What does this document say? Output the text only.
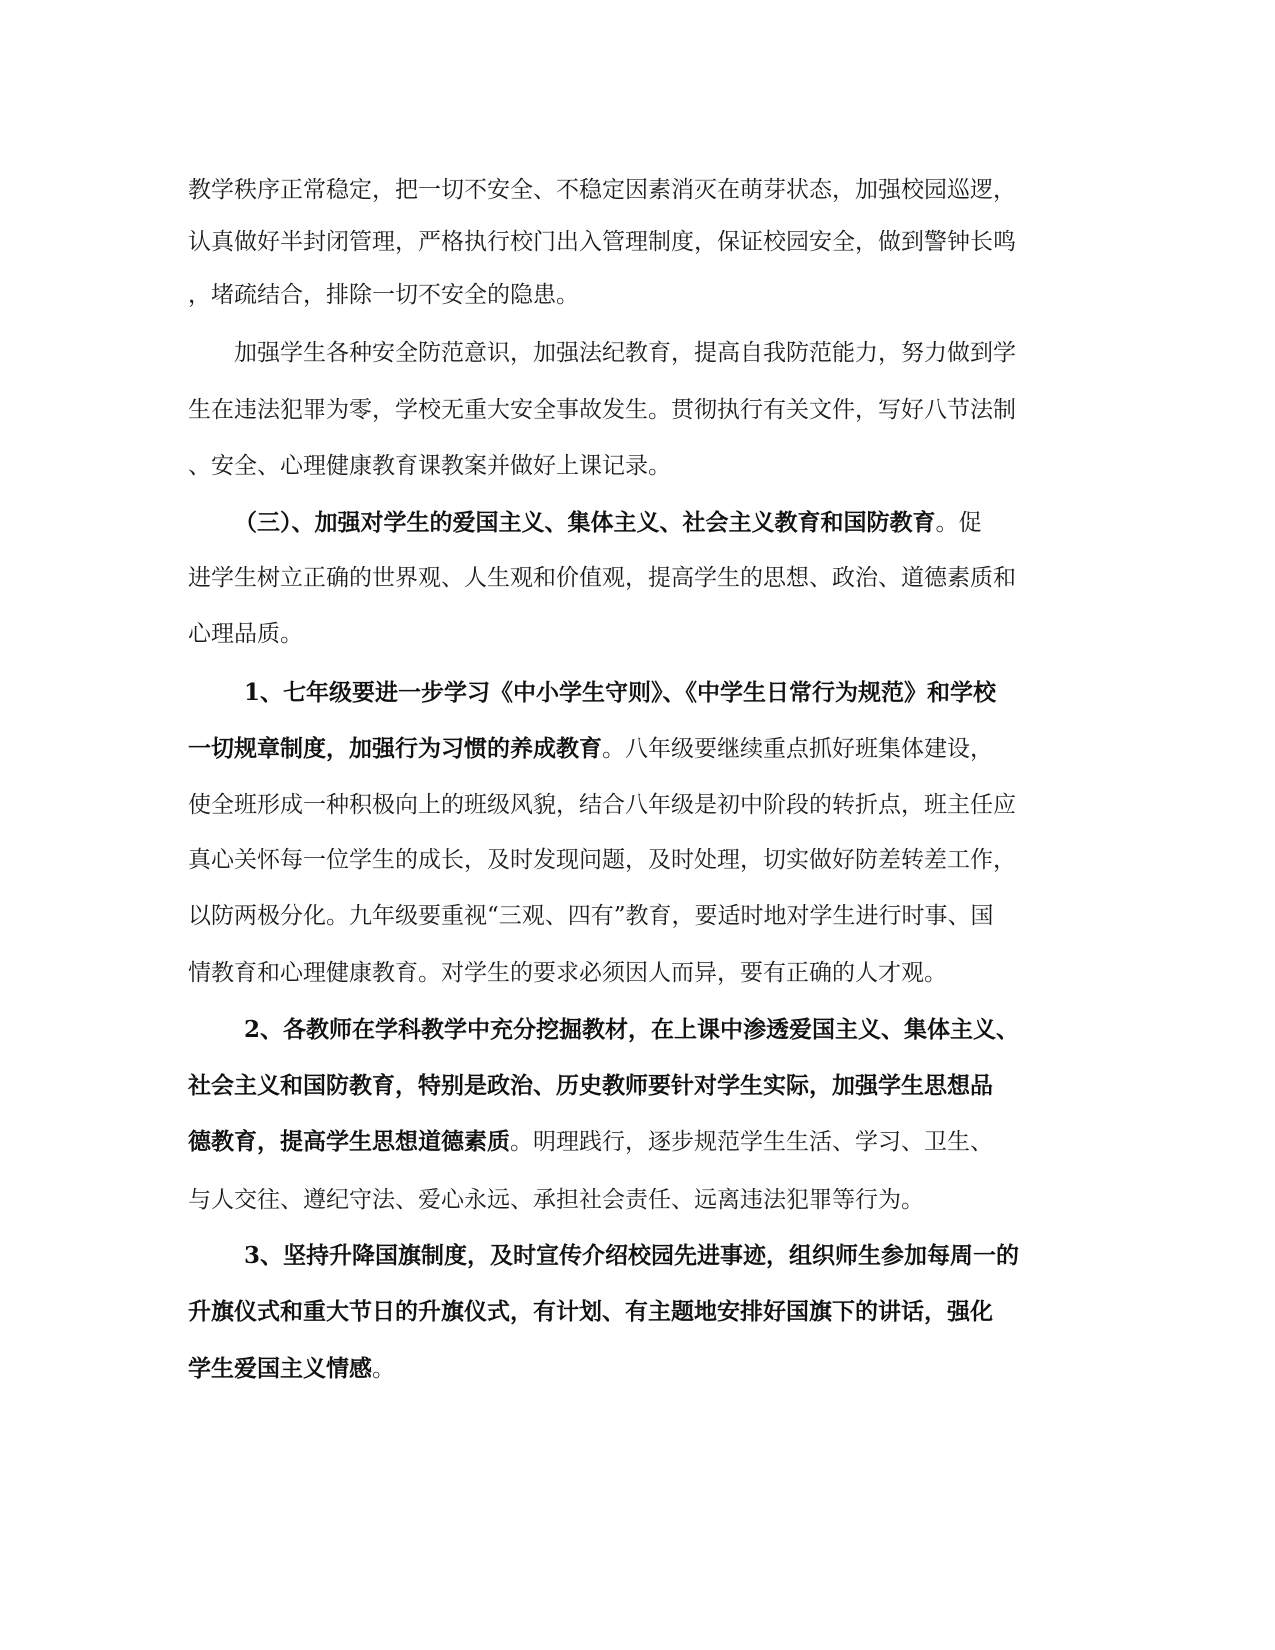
教学秩序正常稳定，把一切不安全、不稳定因素消灭在萌芽状态，加强校园巡逻，
认真做好半封闭管理，严格执行校门出入管理制度，保证校园安全，做到警钟长鸣
，堵疏结合，排除一切不安全的隐患。
加强学生各种安全防范意识，加强法纪教育，提高自我防范能力，努力做到学
生在违法犯罪为零，学校无重大安全事故发生。贯彻执行有关文件，写好八节法制
、安全、心理健康教育课教案并做好上课记录。
（三）、加强对学生的爱国主义、集体主义、社会主义教育和国防教育。促
进学生树立正确的世界观、人生观和价值观，提高学生的思想、政治、道德素质和
心理品质。
1、七年级要进一步学习《中小学生守则》、《中学生日常行为规范》和学校
一切规章制度，加强行为习惯的养成教育。八年级要继续重点抓好班集体建设，
使全班形成一种积极向上的班级风貌，结合八年级是初中阶段的转折点，班主任应
真心关怀每一位学生的成长，及时发现问题，及时处理，切实做好防差转差工作，
以防两极分化。九年级要重视“三观、四有”教育，要适时地对学生进行时事、国
情教育和心理健康教育。对学生的要求必须因人而异，要有正确的人才观。
2、各教师在学科教学中充分挖掘教材，在上课中渗透爱国主义、集体主义、
社会主义和国防教育，特别是政治、历史教师要针对学生实际，加强学生思想品
德教育，提高学生思想道德素质。明理践行，逐步规范学生生活、学习、卫生、
与人交往、遵纪守法、爱心永远、承担社会责任、远离违法犯罪等行为。
3、坚持升降国旗制度，及时宣传介绍校园先进事迹，组织师生参加每周一的
升旗仪式和重大节日的升旗仪式，有计划、有主题地安排好国旗下的讲话，强化
学生爱国主义情感。
